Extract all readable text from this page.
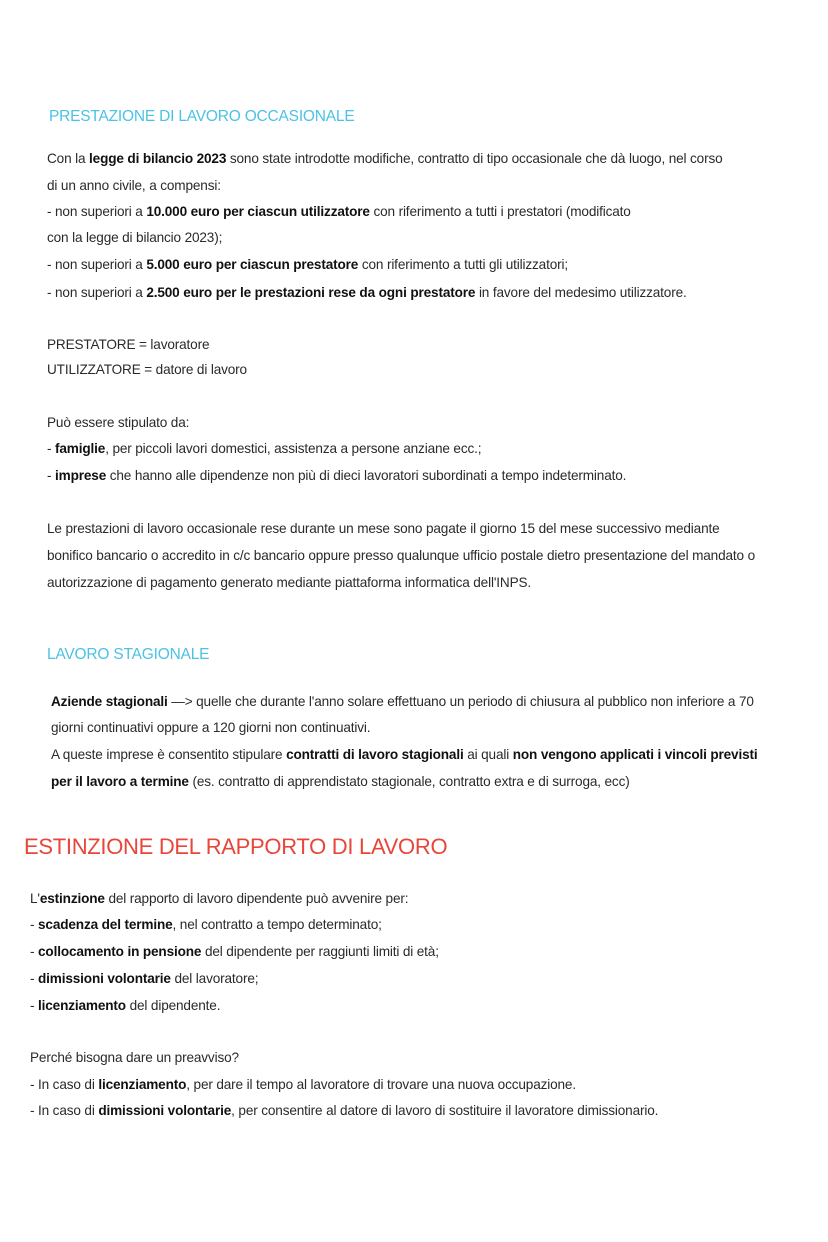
PRESTAZIONE DI LAVORO OCCASIONALE
Con la legge di bilancio 2023 sono state introdotte modifiche, contratto di tipo occasionale che dà luogo, nel corso
di un anno civile, a compensi:
- non superiori a 10.000 euro per ciascun utilizzatore con riferimento a tutti i prestatori (modificato
con la legge di bilancio 2023);
- non superiori a 5.000 euro per ciascun prestatore con riferimento a tutti gli utilizzatori;
- non superiori a 2.500 euro per le prestazioni rese da ogni prestatore in favore del medesimo utilizzatore.
PRESTATORE = lavoratore
UTILIZZATORE = datore di lavoro
Può essere stipulato da:
- famiglie, per piccoli lavori domestici, assistenza a persone anziane ecc.;
- imprese che hanno alle dipendenze non più di dieci lavoratori subordinati a tempo indeterminato.
Le prestazioni di lavoro occasionale rese durante un mese sono pagate il giorno 15 del mese successivo mediante
bonifico bancario o accredito in c/c bancario oppure presso qualunque ufficio postale dietro presentazione del mandato o
autorizzazione di pagamento generato mediante piattaforma informatica dell'INPS.
LAVORO STAGIONALE
Aziende stagionali —> quelle che durante l'anno solare effettuano un periodo di chiusura al pubblico non inferiore a 70
giorni continuativi oppure a 120 giorni non continuativi.
A queste imprese è consentito stipulare contratti di lavoro stagionali ai quali non vengono applicati i vincoli previsti
per il lavoro a termine (es. contratto di apprendistato stagionale, contratto extra e di surroga, ecc)
ESTINZIONE DEL RAPPORTO DI LAVORO
L'estinzione del rapporto di lavoro dipendente può avvenire per:
- scadenza del termine, nel contratto a tempo determinato;
- collocamento in pensione del dipendente per raggiunti limiti di età;
- dimissioni volontarie del lavoratore;
- licenziamento del dipendente.
Perché bisogna dare un preavviso?
- In caso di licenziamento, per dare il tempo al lavoratore di trovare una nuova occupazione.
- In caso di dimissioni volontarie, per consentire al datore di lavoro di sostituire il lavoratore dimissionario.
